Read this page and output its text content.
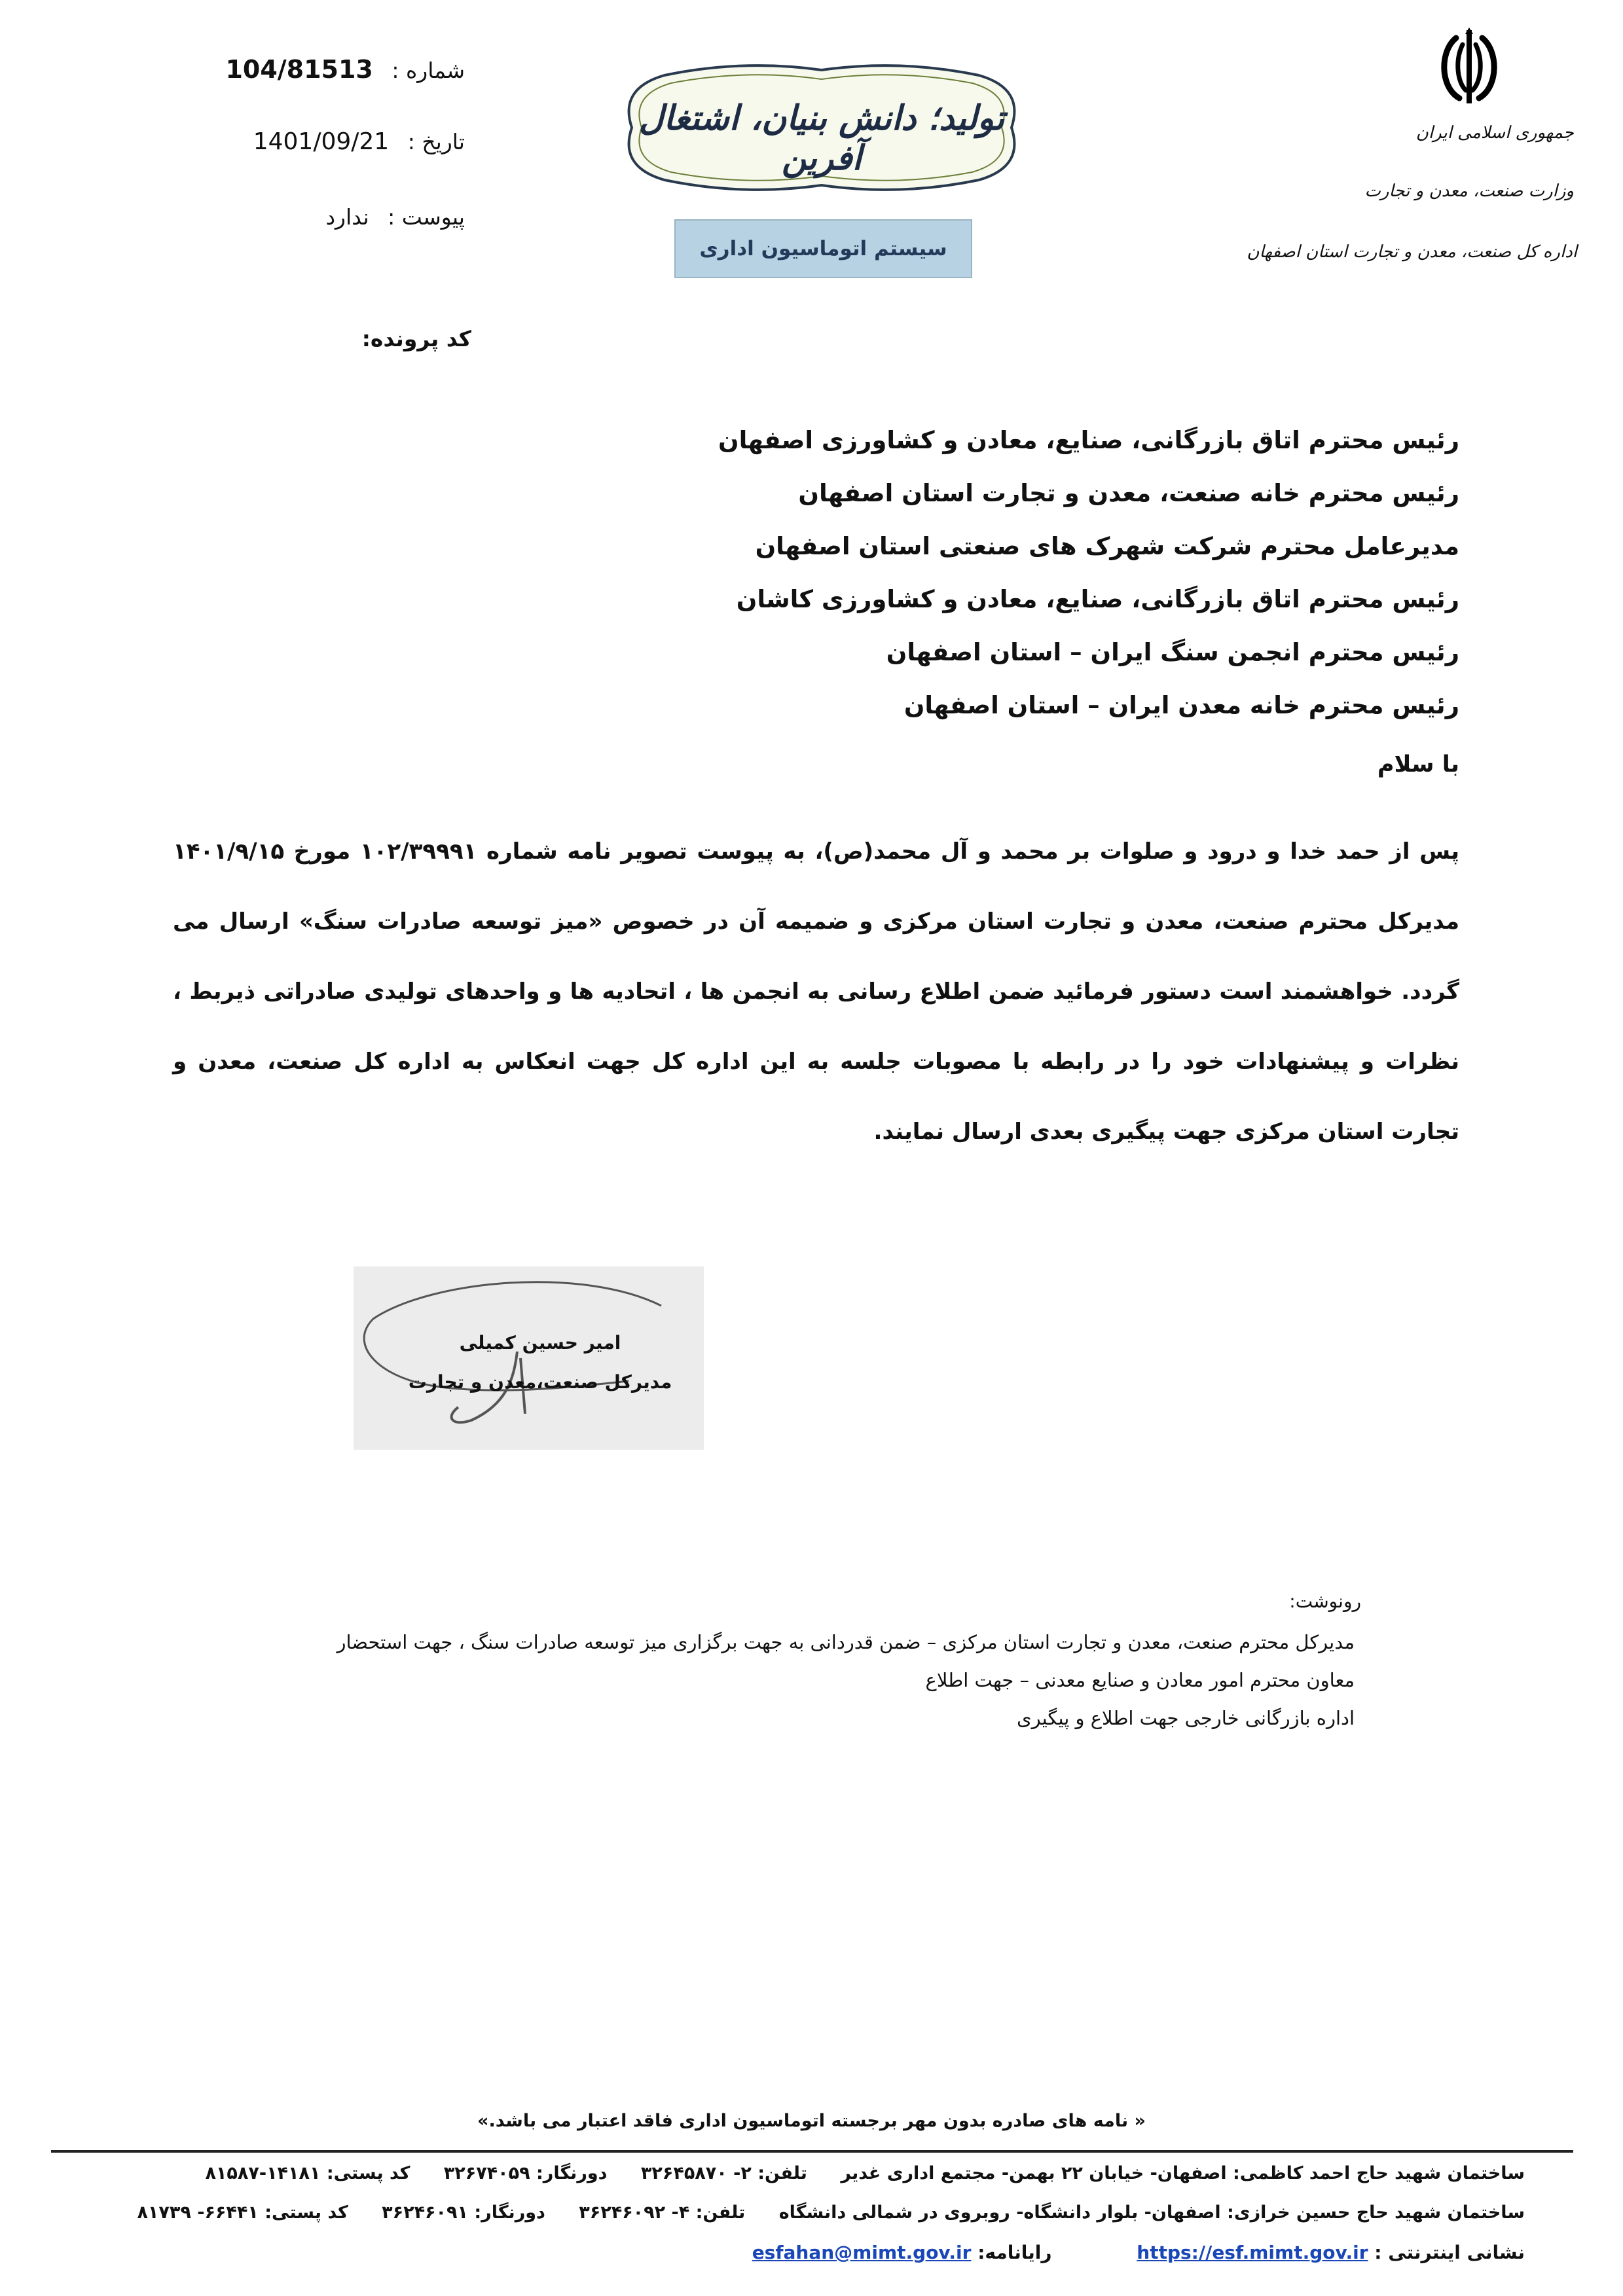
جمهوری اسلامی ایران
وزارت صنعت، معدن و تجارت
اداره کل صنعت، معدن و تجارت استان اصفهان
تولید؛ دانش بنیان، اشتغال آفرین
سیستم اتوماسیون اداری
شماره : 104/81513
تاریخ : 1401/09/21
پیوست : ندارد
کد پرونده:
رئیس محترم اتاق بازرگانی، صنایع، معادن و کشاورزی اصفهان
رئیس محترم خانه صنعت، معدن و تجارت استان اصفهان
مدیرعامل محترم شرکت شهرک های صنعتی استان اصفهان
رئیس محترم اتاق بازرگانی، صنایع، معادن و کشاورزی کاشان
رئیس محترم انجمن سنگ ایران – استان اصفهان
رئیس محترم خانه معدن ایران – استان اصفهان
با سلام
پس از حمد خدا و درود و صلوات بر محمد و آل محمد(ص)، به پیوست تصویر نامه شماره ۱۰۲/۳۹۹۹۱ مورخ ۱۴۰۱/۹/۱۵ مدیرکل محترم صنعت، معدن و تجارت استان مرکزی و ضمیمه آن در خصوص «میز توسعه صادرات سنگ» ارسال می گردد. خواهشمند است دستور فرمائید ضمن اطلاع رسانی به انجمن ها ، اتحادیه ها و واحدهای تولیدی صادراتی ذیربط ، نظرات و پیشنهادات خود را در رابطه با مصوبات جلسه به این اداره کل جهت انعکاس به اداره کل صنعت، معدن و تجارت استان مرکزی جهت پیگیری بعدی ارسال نمایند.
امیر حسین کمیلی
مدیرکل صنعت،معدن و تجارت
رونوشت:
مدیرکل محترم صنعت، معدن و تجارت استان مرکزی – ضمن قدردانی به جهت برگزاری میز توسعه صادرات سنگ ، جهت استحضار
معاون محترم امور معادن و صنایع معدنی – جهت اطلاع
اداره بازرگانی خارجی جهت اطلاع و پیگیری
« نامه های صادره بدون مهر برجسته اتوماسیون اداری فاقد اعتبار می باشد.»
ساختمان شهید حاج احمد کاظمی: اصفهان- خیابان ۲۲ بهمن- مجتمع اداری غدیر تلفن: ۲- ۳۲۶۴۵۸۷۰ دورنگار: ۳۲۶۷۴۰۵۹ کد پستی: ۱۴۱۸۱-۸۱۵۸۷
ساختمان شهید حاج حسین خرازی: اصفهان- بلوار دانشگاه- روبروی در شمالی دانشگاه تلفن: ۴- ۳۶۲۴۶۰۹۲ دورنگار: ۳۶۲۴۶۰۹۱ کد پستی: ۶۶۴۴۱- ۸۱۷۳۹
نشانی اینترنتی : https://esf.mimt.gov.ir رایانامه: esfahan@mimt.gov.ir
